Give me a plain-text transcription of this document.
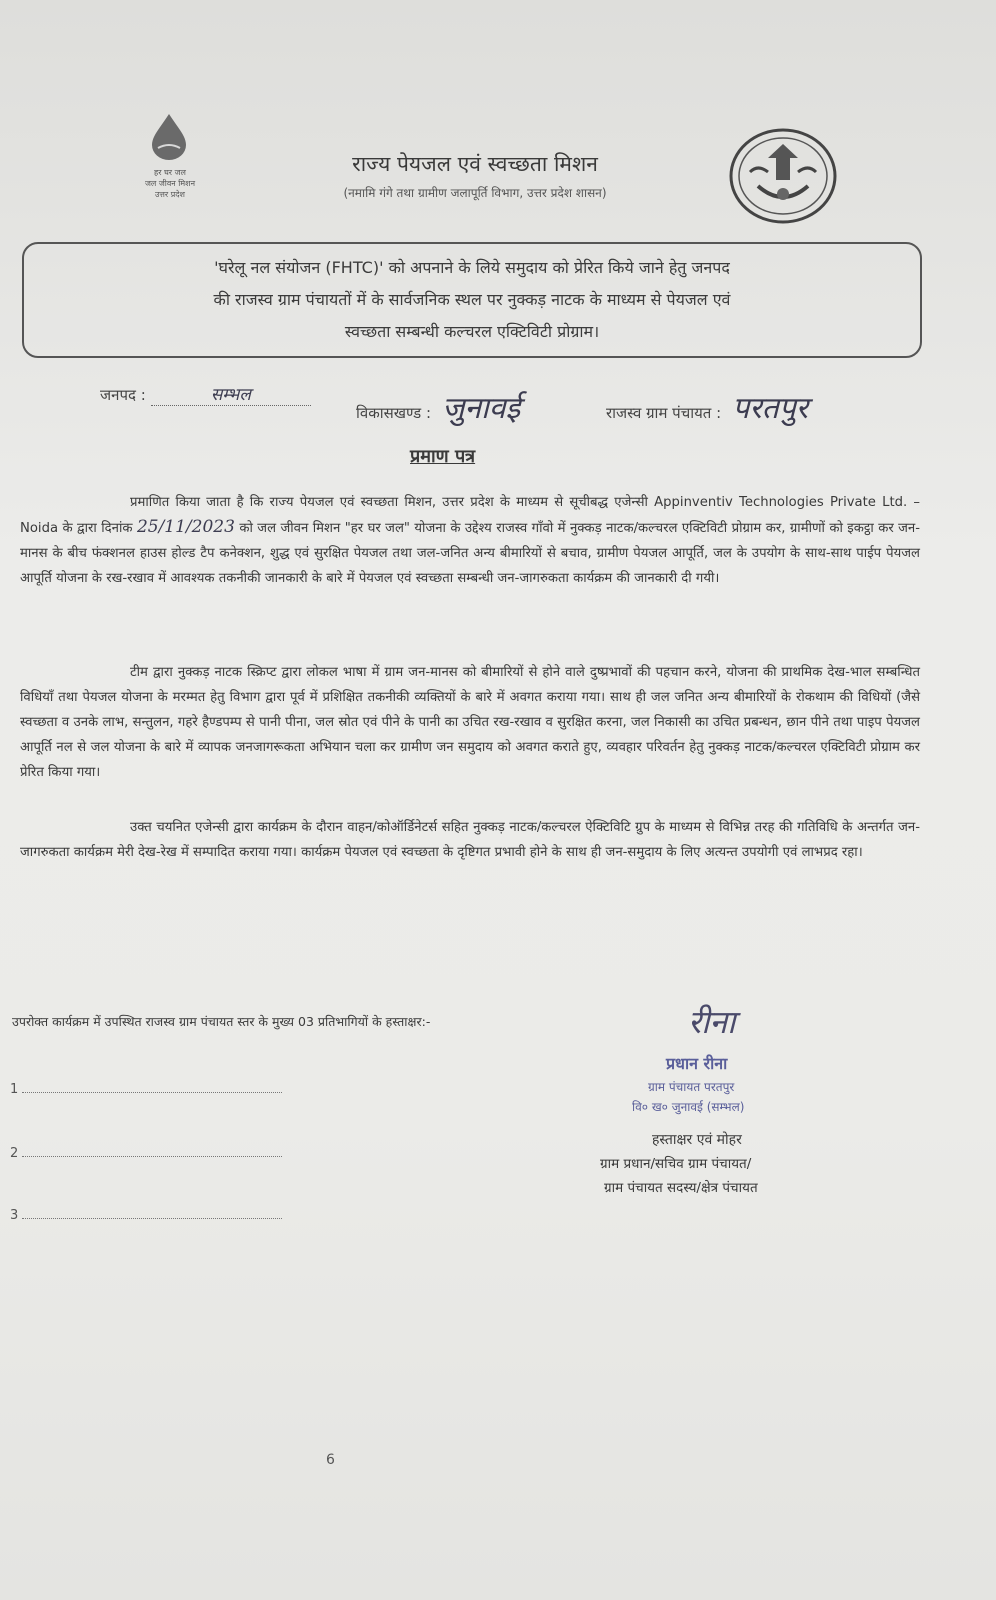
हर घर जल
जल जीवन मिशन
उत्तर प्रदेश
राज्य पेयजल एवं स्वच्छता मिशन
(नमामि गंगे तथा ग्रामीण जलापूर्ति विभाग, उत्तर प्रदेश शासन)

'घरेलू नल संयोजन (FHTC)' को अपनाने के लिये समुदाय को प्रेरित किये जाने हेतु जनपद

की राजस्व ग्राम पंचायतों में के सार्वजनिक स्थल पर नुक्कड़ नाटक के माध्यम से पेयजल एवं

स्वच्छता सम्बन्धी कल्चरल एक्टिविटी प्रोग्राम।

जनपद :	सम्भल
विकासखण्ड : जुनावई	राजस्व ग्राम पंचायत : परतपुर
प्रमाण पत्र

प्रमाणित किया जाता है कि राज्य पेयजल एवं स्वच्छता मिशन, उत्तर प्रदेश के माध्यम से सूचीबद्ध एजेन्सी Appinventiv Technologies Private Ltd. – Noida के द्वारा दिनांक 25/11/2023 को जल जीवन मिशन "हर घर जल" योजना के उद्देश्य राजस्व गाँवो में नुक्कड़ नाटक/कल्चरल एक्टिविटी प्रोग्राम कर, ग्रामीणों को इकट्ठा कर जन-मानस के बीच फंक्शनल हाउस होल्ड टैप कनेक्शन, शुद्ध एवं सुरक्षित पेयजल तथा जल-जनित अन्य बीमारियों से बचाव, ग्रामीण पेयजल आपूर्ति, जल के उपयोग के साथ-साथ पाईप पेयजल आपूर्ति योजना के रख-रखाव में आवश्यक तकनीकी जानकारी के बारे में पेयजल एवं स्वच्छता सम्बन्धी जन-जागरुकता कार्यक्रम की जानकारी दी गयी।

टीम द्वारा नुक्कड़ नाटक स्क्रिप्ट द्वारा लोकल भाषा में ग्राम जन-मानस को बीमारियों से होने वाले दुष्प्रभावों की पहचान करने, योजना की प्राथमिक देख-भाल सम्बन्धित विधियाँ तथा पेयजल योजना के मरम्मत हेतु विभाग द्वारा पूर्व में प्रशिक्षित तकनीकी व्यक्तियों के बारे में अवगत कराया गया। साथ ही जल जनित अन्य बीमारियों के रोकथाम की विधियों (जैसे स्वच्छता व उनके लाभ, सन्तुलन, गहरे हैण्डपम्प से पानी पीना, जल स्रोत एवं पीने के पानी का उचित रख-रखाव व सुरक्षित करना, जल निकासी का उचित प्रबन्धन, छान पीने तथा पाइप पेयजल आपूर्ति नल से जल योजना के बारे में व्यापक जनजागरूकता अभियान चला कर ग्रामीण जन समुदाय को अवगत कराते हुए, व्यवहार परिवर्तन हेतु नुक्कड़ नाटक/कल्चरल एक्टिविटी प्रोग्राम कर प्रेरित किया गया।

उक्त चयनित एजेन्सी द्वारा कार्यक्रम के दौरान वाहन/कोऑर्डिनेटर्स सहित नुक्कड़ नाटक/कल्चरल ऐक्टिविटि ग्रुप के माध्यम से विभिन्न तरह की गतिविधि के अन्तर्गत जन-जागरुकता कार्यक्रम मेरी देख-रेख में सम्पादित कराया गया। कार्यक्रम पेयजल एवं स्वच्छता के दृष्टिगत प्रभावी होने के साथ ही जन-समुदाय के लिए अत्यन्त उपयोगी एवं लाभप्रद रहा।

उपरोक्त कार्यक्रम में उपस्थित राजस्व ग्राम पंचायत स्तर के मुख्य 03 प्रतिभागियों के हस्ताक्षर:-
1
2
3
रीना
प्रधान रीना
ग्राम पंचायत परतपुर
वि० ख० जुनावई (सम्भल)
हस्ताक्षर एवं मोहर
ग्राम प्रधान/सचिव ग्राम पंचायत/
ग्राम पंचायत सदस्य/क्षेत्र पंचायत
6
